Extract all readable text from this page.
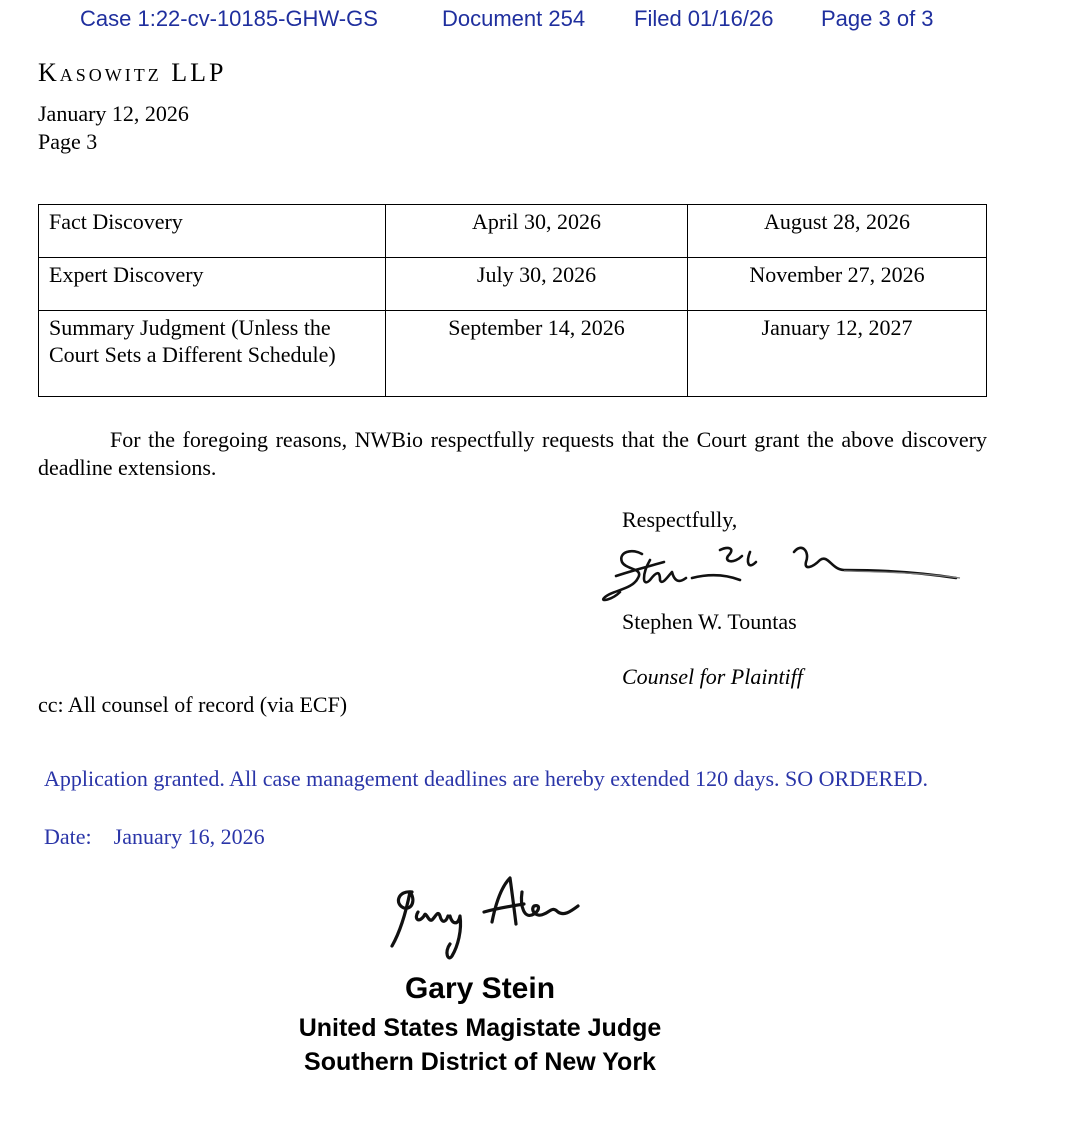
Case 1:22-cv-10185-GHW-GS	Document 254 Filed 01/16/26 Page 3 of 3
Kasowitz LLP
January 12, 2026
Page 3
Fact Discovery	April 30, 2026	August 28, 2026
Expert Discovery	July 30, 2026	November 27, 2026
Summary Judgment (Unless the Court Sets a Different Schedule)	September 14, 2026	January 12, 2027
For the foregoing reasons, NWBio respectfully requests that the Court grant the above discovery deadline extensions.
Respectfully,
Stephen W. Tountas
Counsel for Plaintiff
cc: All counsel of record (via ECF)
Application granted. All case management deadlines are hereby extended 120 days. SO ORDERED.
Date: January 16, 2026
Gary Stein
United States Magistate Judge
Southern District of New York
